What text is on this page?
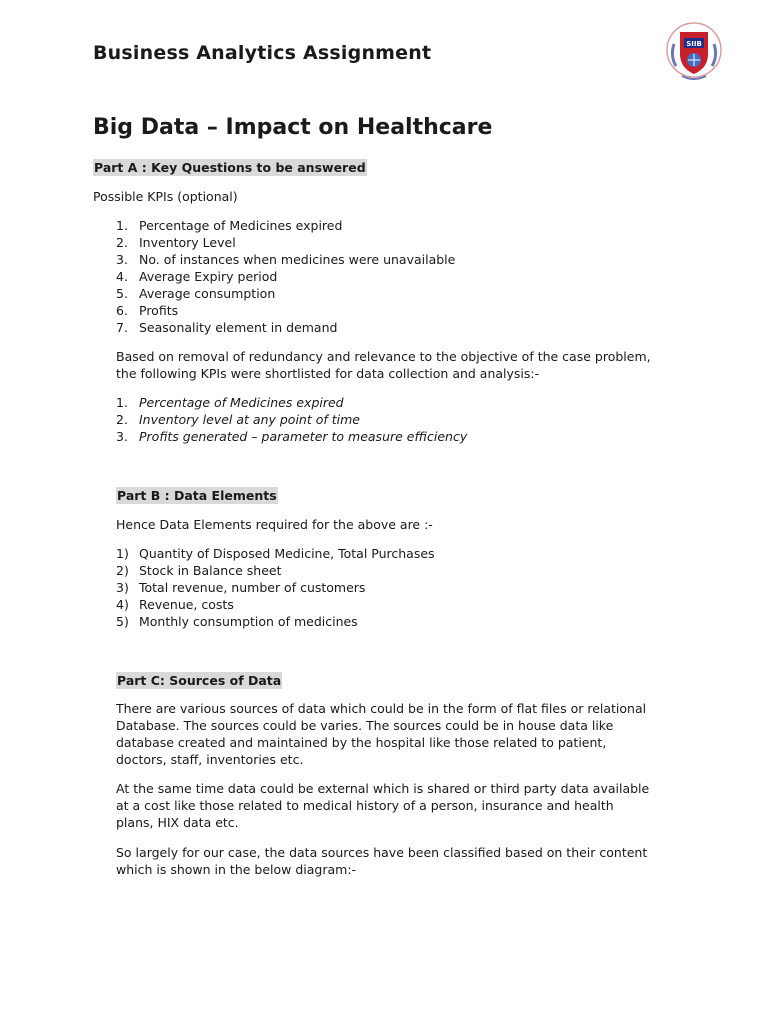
Business Analytics Assignment	SIIB
Big Data – Impact on Healthcare
Part A : Key Questions to be answered

Possible KPIs (optional)

1. Percentage of Medicines expired
2. Inventory Level
3. No. of instances when medicines were unavailable
4. Average Expiry period
5. Average consumption
6. Profits
7. Seasonality element in demand

Based on removal of redundancy and relevance to the objective of the case problem,
the following KPIs were shortlisted for data collection and analysis:-

1. Percentage of Medicines expired
2. Inventory level at any point of time
3. Profits generated – parameter to measure efficiency
Part B : Data Elements

Hence Data Elements required for the above are :-

1) Quantity of Disposed Medicine, Total Purchases
2) Stock in Balance sheet
3) Total revenue, number of customers
4) Revenue, costs
5) Monthly consumption of medicines
Part C: Sources of Data

There are various sources of data which could be in the form of flat files or relational
Database. The sources could be varies. The sources could be in house data like
database created and maintained by the hospital like those related to patient,
doctors, staff, inventories etc.

At the same time data could be external which is shared or third party data available
at a cost like those related to medical history of a person, insurance and health
plans, HIX data etc.

So largely for our case, the data sources have been classified based on their content
which is shown in the below diagram:-
